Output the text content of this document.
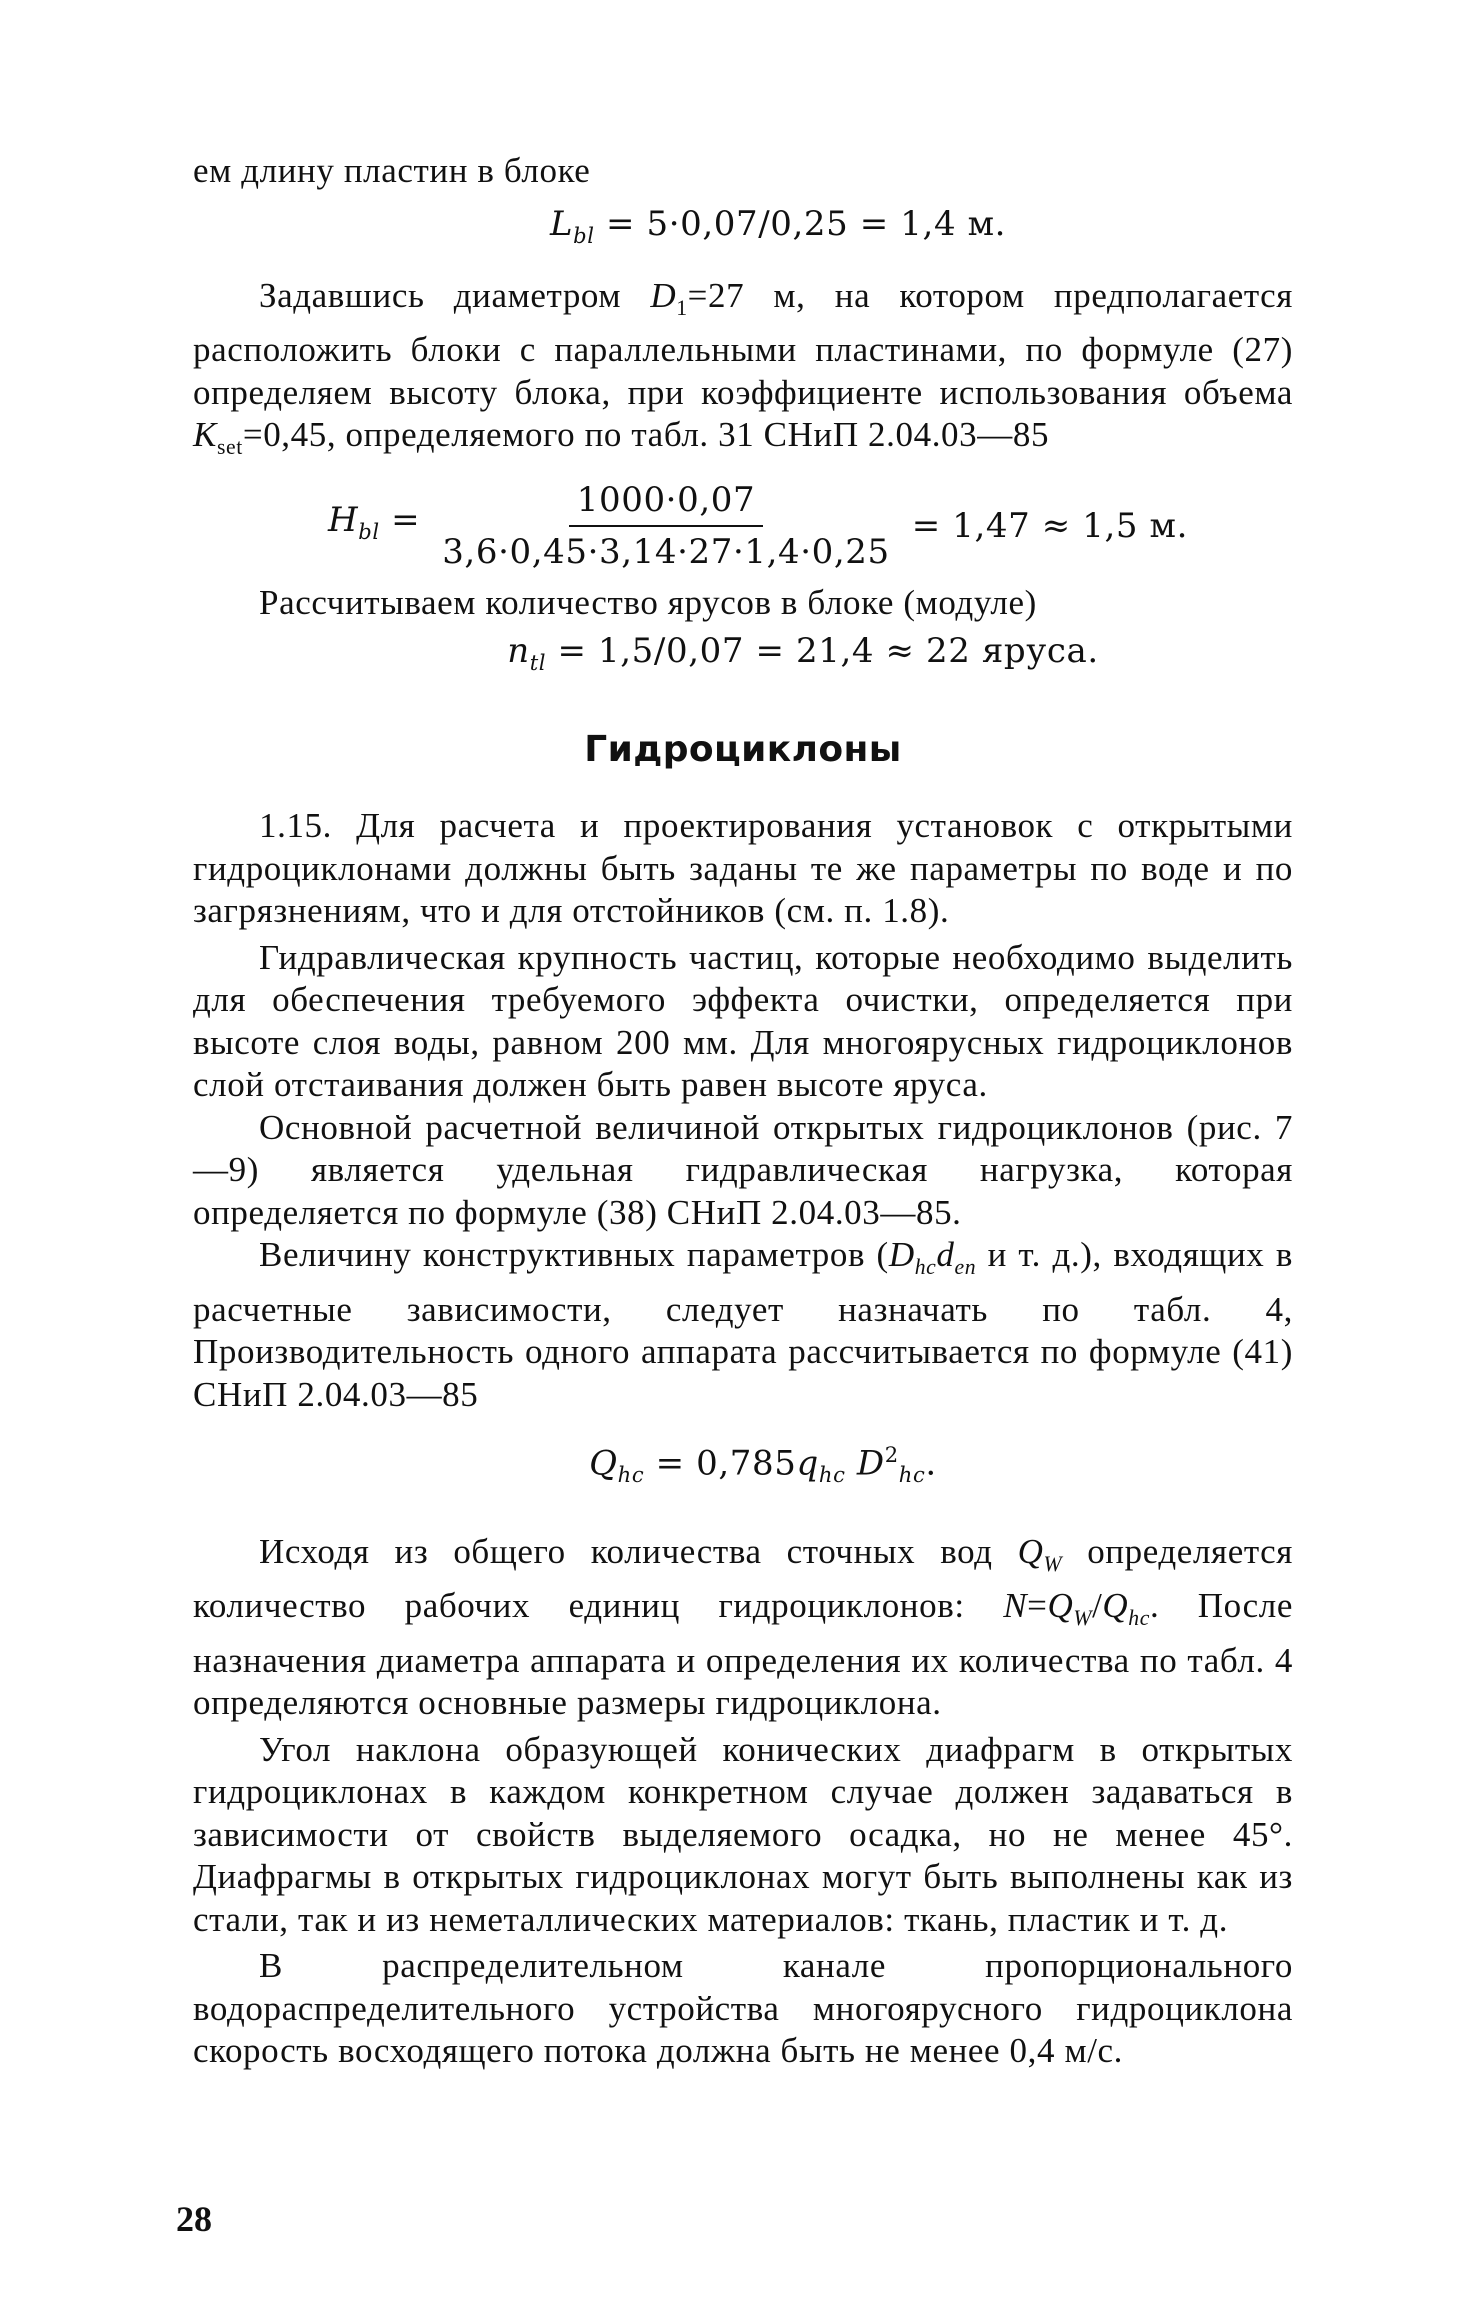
ем длину пластин в блоке

$L_{bl} = 5\cdot 0,07/0,25 = 1,4$ м.

Задавшись диаметром $D_1=27$ м, на котором предполагается расположить блоки с параллельными пластинами, по формуле (27) определяем высоту блока, при коэффициенте использования объема $K_{set}=0,45$, определяемого по табл. 31 СНиП 2.04.03—85

$H_{bl} = \frac{1000\cdot 0,07}{3,6\cdot 0,45\cdot 3,14\cdot 27\cdot 1,4\cdot 0,25} = 1,47 \approx 1,5$ м.

Рассчитываем количество ярусов в блоке (модуле)

$n_{tl} = 1,5/0,07 = 21,4 \approx 22$ яруса.

Гидроциклоны

1.15. Для расчета и проектирования установок с открытыми гидроциклонами должны быть заданы те же параметры по воде и по загрязнениям, что и для отстойников (см. п. 1.8).

Гидравлическая крупность частиц, которые необходимо выделить для обеспечения требуемого эффекта очистки, определяется при высоте слоя воды, равном 200 мм. Для многоярусных гидроциклонов слой отстаивания должен быть равен высоте яруса.

Основной расчетной величиной открытых гидроциклонов (рис. 7—9) является удельная гидравлическая нагрузка, которая определяется по формуле (38) СНиП 2.04.03—85.

Величину конструктивных параметров ($D_{hc}d_{en}$ и т. д.), входящих в расчетные зависимости, следует назначать по табл. 4, Производительность одного аппарата рассчитывается по формуле (41) СНиП 2.04.03—85

$Q_{hc} = 0,785q_{hc}$ $D^2_{hc}$.

Исходя из общего количества сточных вод $Q_W$ определяется количество рабочих единиц гидроциклонов: $N=Q_W/Q_{hc}$. После назначения диаметра аппарата и определения их количества по табл. 4 определяются основные размеры гидроциклона.

Угол наклона образующей конических диафрагм в открытых гидроциклонах в каждом конкретном случае должен задаваться в зависимости от свойств выделяемого осадка, но не менее 45°. Диафрагмы в открытых гидроциклонах могут быть выполнены как из стали, так и из неметаллических материалов: ткань, пластик и т. д.

В распределительном канале пропорционального водораспределительного устройства многоярусного гидроциклона скорость восходящего потока должна быть не менее 0,4 м/с.

28
